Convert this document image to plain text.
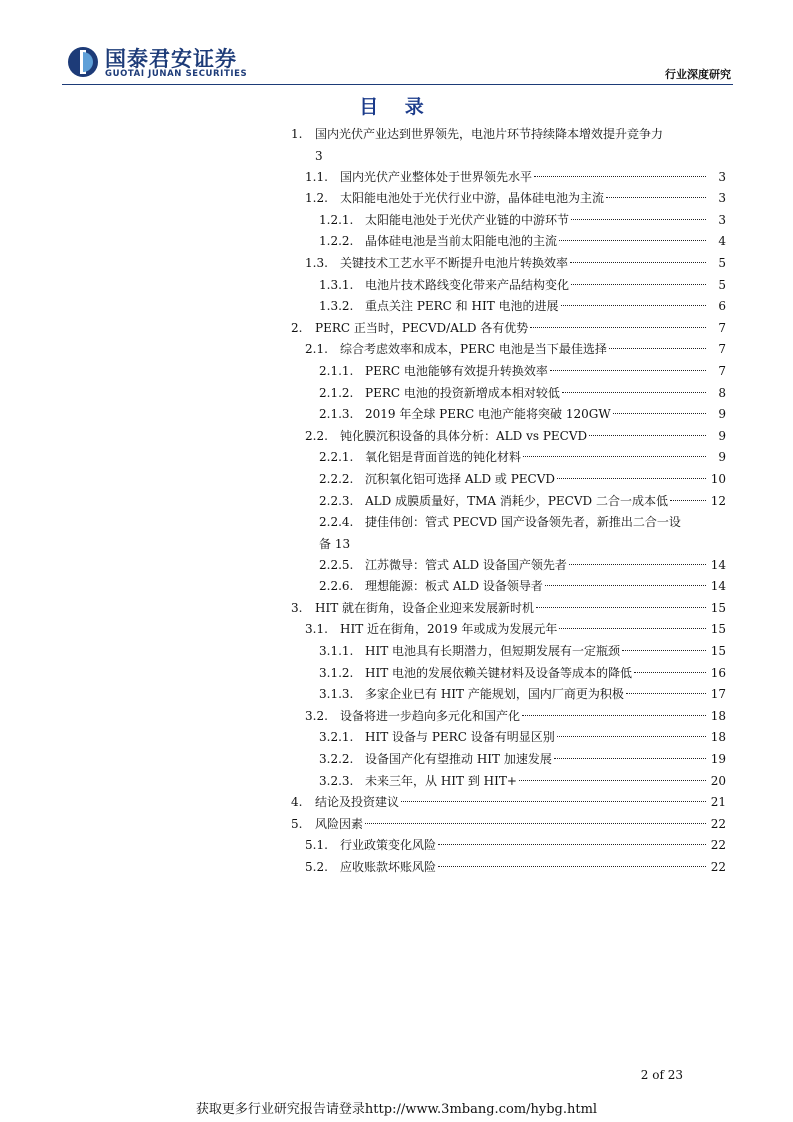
国泰君安证券
GUOTAI JUNAN SECURITIES	行业深度研究
目 录
1. 国内光伏产业达到世界领先，电池片环节持续降本增效提升竞争力
3
1.1. 国内光伏产业整体处于世界领先水平	3
1.2. 太阳能电池处于光伏行业中游，晶体硅电池为主流	3
1.2.1. 太阳能电池处于光伏产业链的中游环节	3
1.2.2. 晶体硅电池是当前太阳能电池的主流	4
1.3. 关键技术工艺水平不断提升电池片转换效率	5
1.3.1. 电池片技术路线变化带来产品结构变化	5
1.3.2. 重点关注 PERC 和 HIT 电池的进展	6
2. PERC 正当时，PECVD/ALD 各有优势	7
2.1. 综合考虑效率和成本，PERC 电池是当下最佳选择	7
2.1.1. PERC 电池能够有效提升转换效率	7
2.1.2. PERC 电池的投资新增成本相对较低	8
2.1.3. 2019 年全球 PERC 电池产能将突破 120GW	9
2.2. 钝化膜沉积设备的具体分析：ALD vs PECVD	9
2.2.1. 氧化铝是背面首选的钝化材料	9
2.2.2. 沉积氧化铝可选择 ALD 或 PECVD	10
2.2.3. ALD 成膜质量好，TMA 消耗少，PECVD 二合一成本低	12
2.2.4. 捷佳伟创：管式 PECVD 国产设备领先者，新推出二合一设
备 13
2.2.5. 江苏微导：管式 ALD 设备国产领先者	14
2.2.6. 理想能源：板式 ALD 设备领导者	14
3. HIT 就在街角，设备企业迎来发展新时机	15
3.1. HIT 近在街角，2019 年或成为发展元年	15
3.1.1. HIT 电池具有长期潜力，但短期发展有一定瓶颈	15
3.1.2. HIT 电池的发展依赖关键材料及设备等成本的降低	16
3.1.3. 多家企业已有 HIT 产能规划，国内厂商更为积极	17
3.2. 设备将进一步趋向多元化和国产化	18
3.2.1. HIT 设备与 PERC 设备有明显区别	18
3.2.2. 设备国产化有望推动 HIT 加速发展	19
3.2.3. 未来三年，从 HIT 到 HIT+	20
4. 结论及投资建议	21
5. 风险因素	22
5.1. 行业政策变化风险	22
5.2. 应收账款坏账风险	22
2 of 23
获取更多行业研究报告请登录http://www.3mbang.com/hybg.html
